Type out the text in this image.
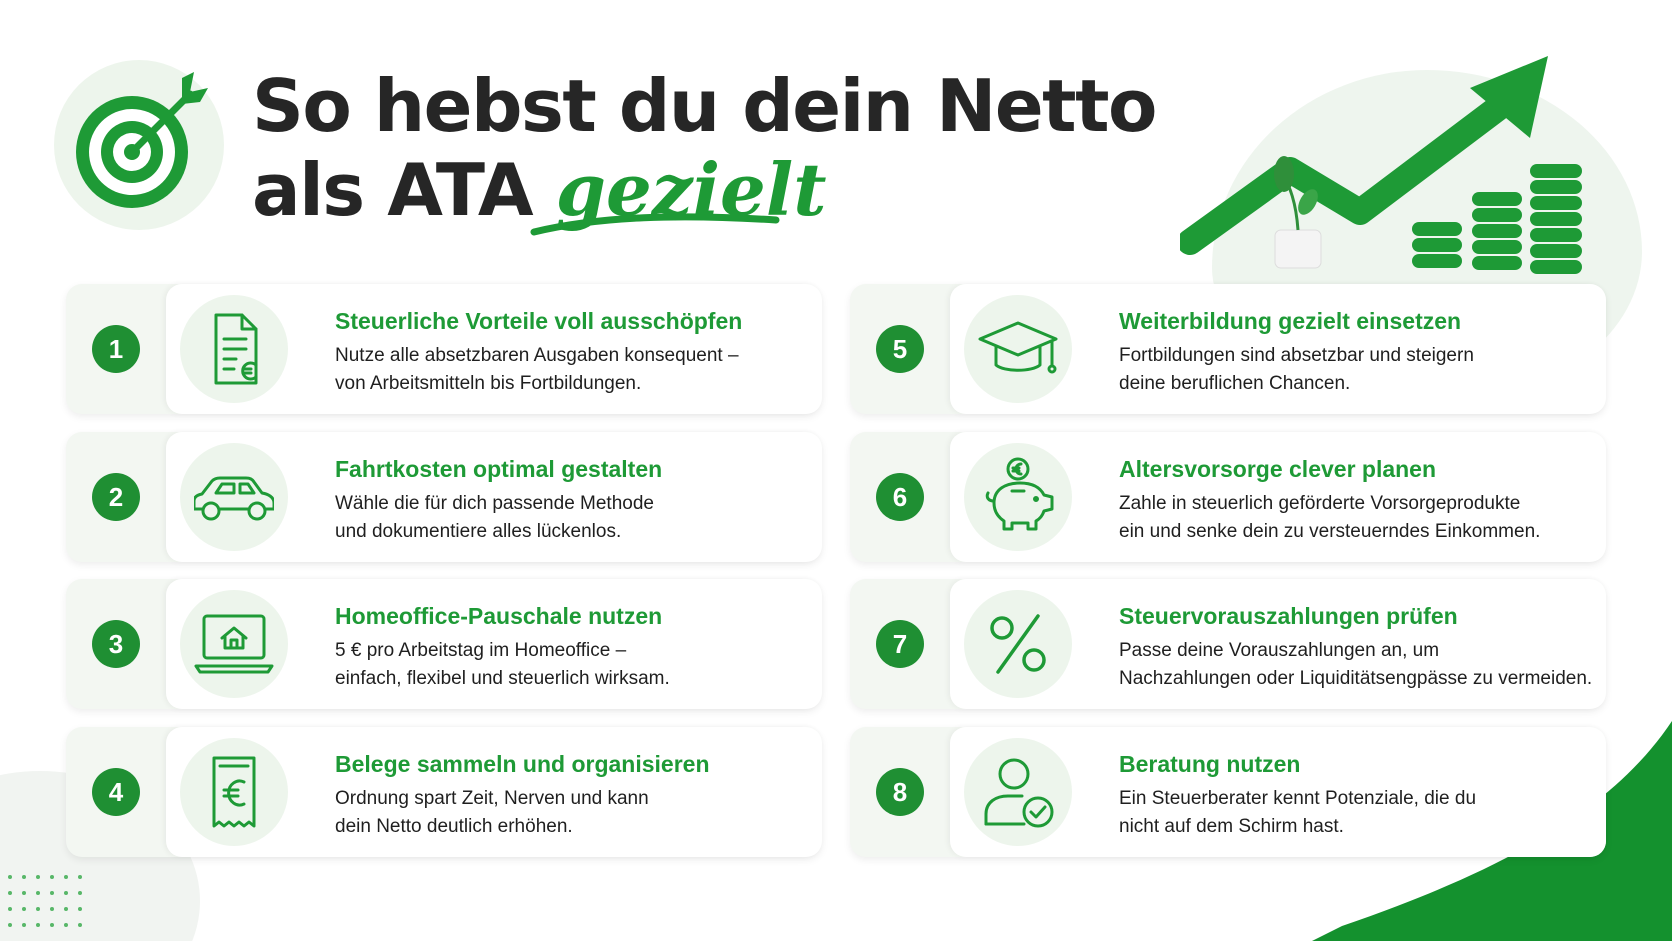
So hebst du dein Netto
als ATA gezielt
1
Steuerliche Vorteile voll ausschöpfen
Nutze alle absetzbaren Ausgaben konsequent –
von Arbeitsmitteln bis Fortbildungen.
2
Fahrtkosten optimal gestalten
Wähle die für dich passende Methode
und dokumentiere alles lückenlos.
3
Homeoffice-Pauschale nutzen
5 € pro Arbeitstag im Homeoffice –
einfach, flexibel und steuerlich wirksam.
4
Belege sammeln und organisieren
Ordnung spart Zeit, Nerven und kann
dein Netto deutlich erhöhen.
5
Weiterbildung gezielt einsetzen
Fortbildungen sind absetzbar und steigern
deine beruflichen Chancen.
6
Altersvorsorge clever planen
Zahle in steuerlich geförderte Vorsorgeprodukte
ein und senke dein zu versteuerndes Einkommen.
7
Steuervorauszahlungen prüfen
Passe deine Vorauszahlungen an, um
Nachzahlungen oder Liquiditätsengpässe zu vermeiden.
8
Beratung nutzen
Ein Steuerberater kennt Potenziale, die du
nicht auf dem Schirm hast.
